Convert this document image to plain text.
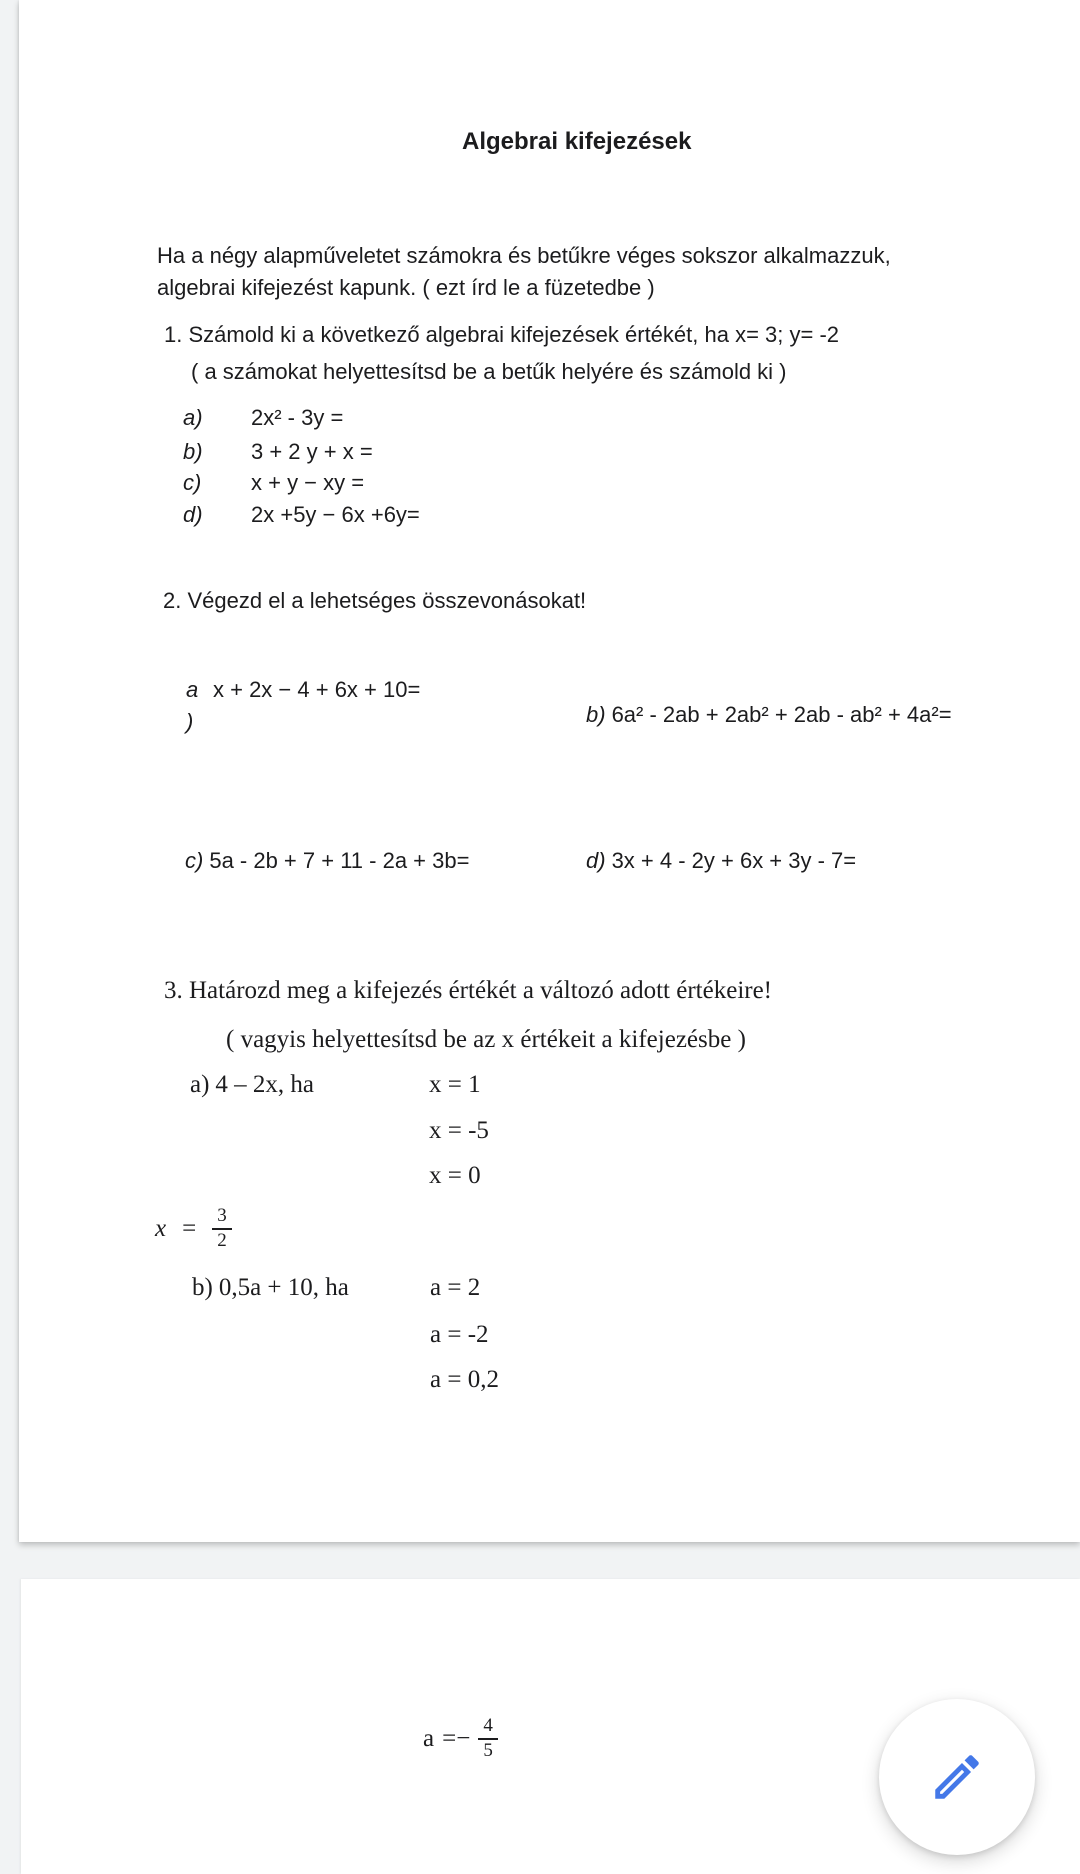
Algebrai kifejezések
Ha a négy alapműveletet számokra és betűkre véges sokszor alkalmazzuk,
algebrai kifejezést kapunk. ( ezt írd le a füzetedbe )
1. Számold ki a következő algebrai kifejezések értékét, ha x= 3; y= -2
( a számokat helyettesítsd be a betűk helyére és számold ki )
a) 2x² - 3y =
b) 3 + 2 y + x =
c) x + y − xy =
d) 2x +5y − 6x +6y=
2. Végezd el a lehetséges összevonásokat!
a
)
x + 2x − 4 + 6x + 10=
b) 6a² - 2ab + 2ab² + 2ab - ab² + 4a²=
c) 5a - 2b + 7 + 11 - 2a + 3b=	d) 3x + 4 - 2y + 6x + 3y - 7=
3. Határozd meg a kifejezés értékét a változó adott értékeire!
( vagyis helyettesítsd be az x értékeit a kifejezésbe )
a) 4 – 2x, ha	x = 1
x = -5
x = 0
$x = \frac{3}{2}$
b) 0,5a + 10, ha	a = 2
a = -2
a = 0,2
$a =- \frac{4}{5}$
